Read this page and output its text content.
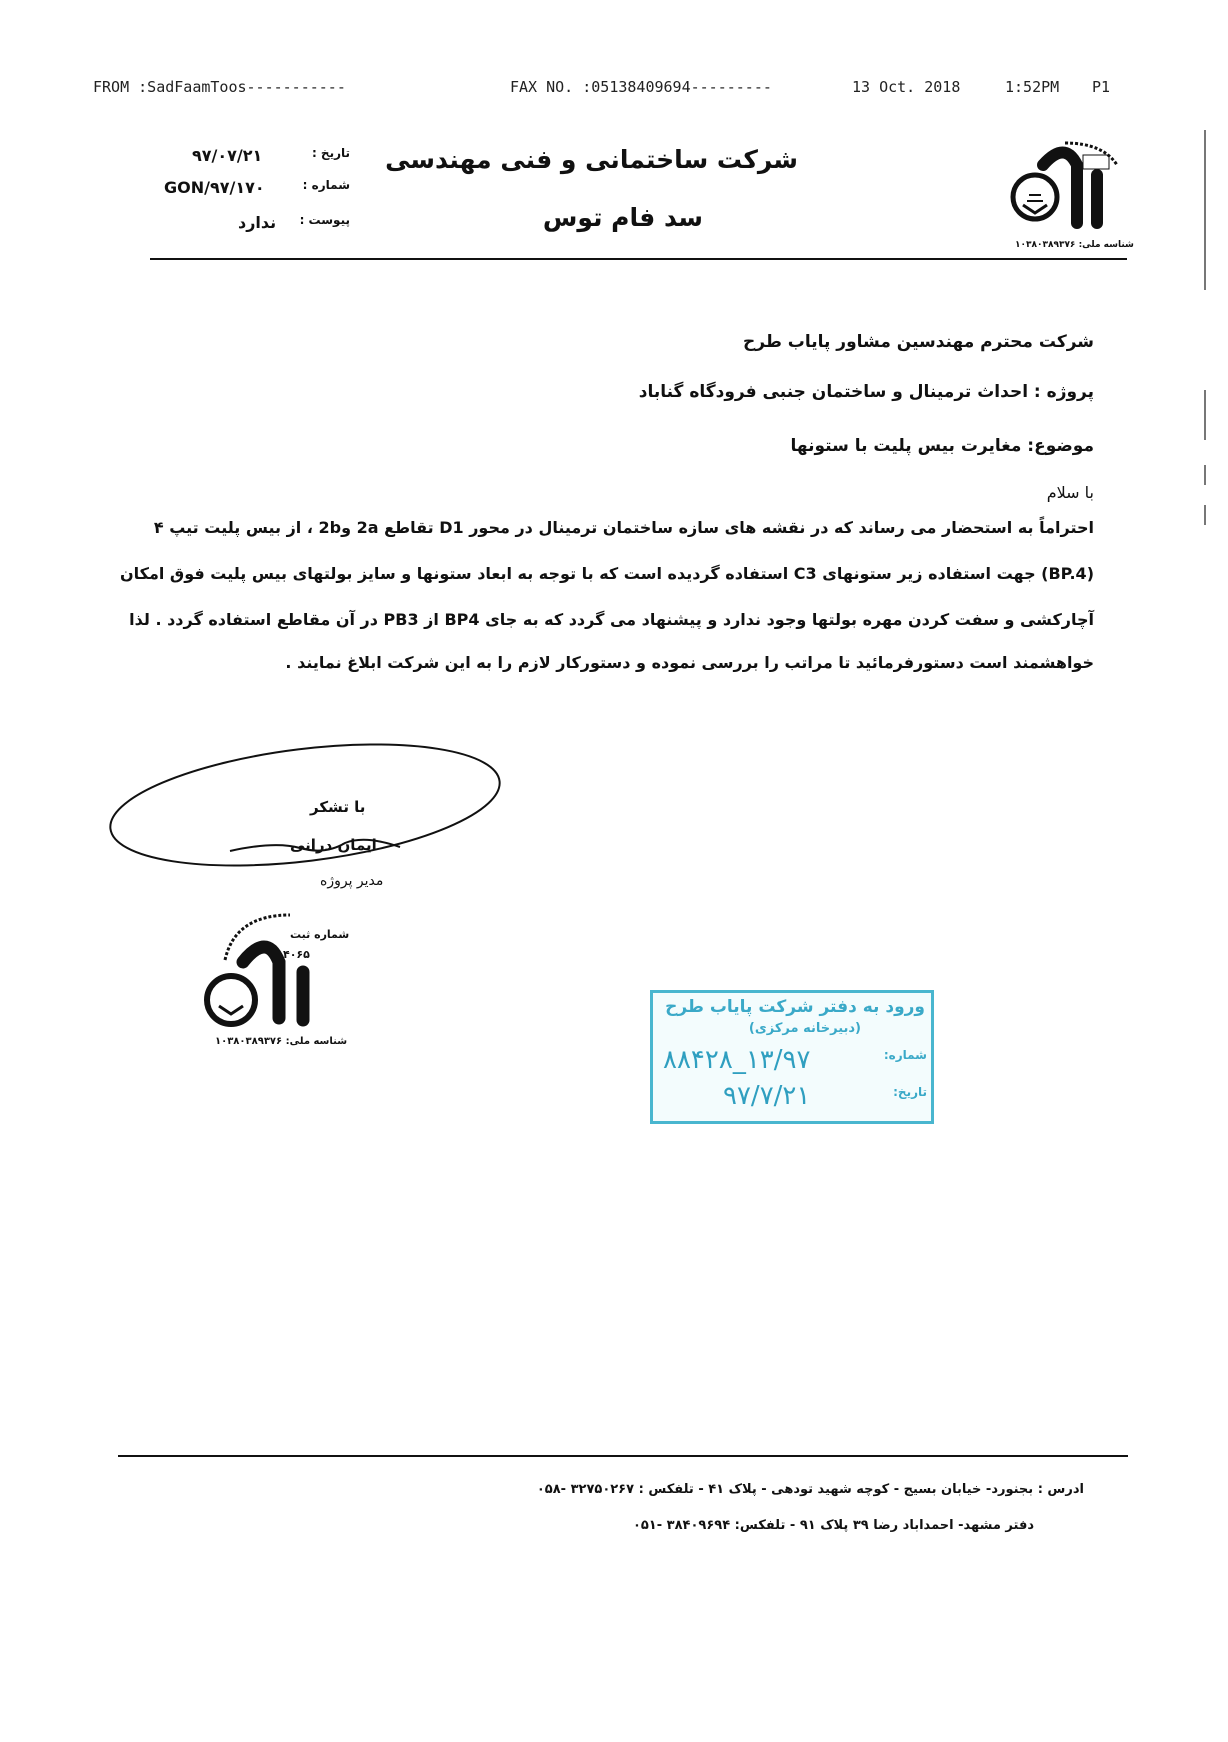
FROM :SadFaamToos-----------	FAX NO. :05138409694---------	13 Oct. 2018	1:52PM P1
شرکت ساختمانی و فنی مهندسی
سد فام توس
شناسه ملی: ۱۰۳۸۰۳۸۹۳۷۶
۹۷/۰۷/۲۱	تاریخ :
GON/۹۷/۱۷۰	شماره :
ندارد پیوست :
شرکت محترم مهندسین مشاور پایاب طرح
پروژه : احداث ترمینال و ساختمان جنبی فرودگاه گناباد
موضوع: مغایرت بیس پلیت با ستونها
با سلام
احتراماً به استحضار می رساند که در نقشه های سازه ساختمان ترمینال در محور D1 تقاطع 2a و2b ، از بیس پلیت تیپ ۴
(BP.4) جهت استفاده زیر ستونهای C3 استفاده گردیده است که با توجه به ابعاد ستونها و سایز بولتهای بیس پلیت فوق امکان
آچارکشی و سفت کردن مهره بولتها وجود ندارد و پیشنهاد می گردد که به جای BP4 از PB3 در آن مقاطع استفاده گردد . لذا
خواهشمند است دستورفرمائید تا مراتب را بررسی نموده و دستورکار لازم را به این شرکت ابلاغ نمایند .
با تشکر
ایمان درانی
مدیر پروژه
شماره ثبت
۴۰۶۵
شناسه ملی: ۱۰۳۸۰۳۸۹۳۷۶
ورود به دفتر شرکت پایاب طرح
(دبیرخانه مرکزی)
شماره:
۱۳/۹۷_۸۸۴۲۸
تاریخ:
۹۷/۷/۲۱
ادرس : بجنورد- خیابان بسیج - کوچه شهید تودهی - پلاک ۴۱ - تلفکس : ۳۲۷۵۰۲۶۷ -۰۵۸
دفتر مشهد- احمداباد رضا ۳۹ پلاک ۹۱ - تلفکس: ۳۸۴۰۹۶۹۴ -۰۵۱
